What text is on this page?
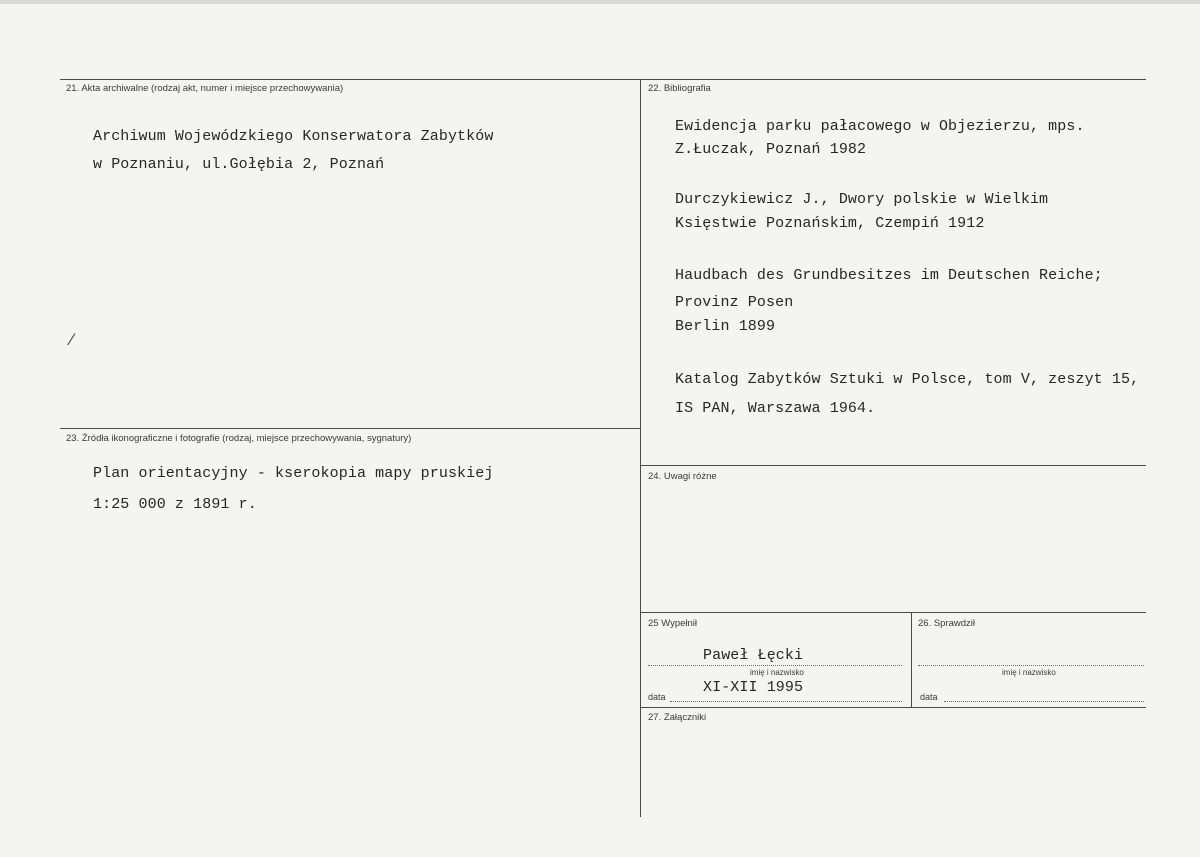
21. Akta archiwalne (rodzaj akt, numer i miejsce przechowywania)
Archiwum Wojewódzkiego Konserwatora Zabytków
w Poznaniu, ul.Gołębia 2, Poznań
⁄
22. Bibliografia
Ewidencja parku pałacowego w Objezierzu, mps.
Z.Łuczak, Poznań 1982
Durczykiewicz J., Dwory polskie w Wielkim
Księstwie Poznańskim, Czempiń 1912
Haudbach des Grundbesitzes im Deutschen Reiche;
Provinz Posen
Berlin 1899
Katalog Zabytków Sztuki w Polsce, tom V, zeszyt 15,
IS PAN, Warszawa 1964.
23. Źródła ikonograficzne i fotografie (rodzaj, miejsce przechowywania, sygnatury)
Plan orientacyjny - kserokopia mapy pruskiej
1:25 000 z 1891 r.
24. Uwagi różne
25 Wypełnił
Paweł Łęcki
imię i nazwisko
XI-XII 1995
data
26. Sprawdził
imię i nazwisko
data
27. Załączniki
